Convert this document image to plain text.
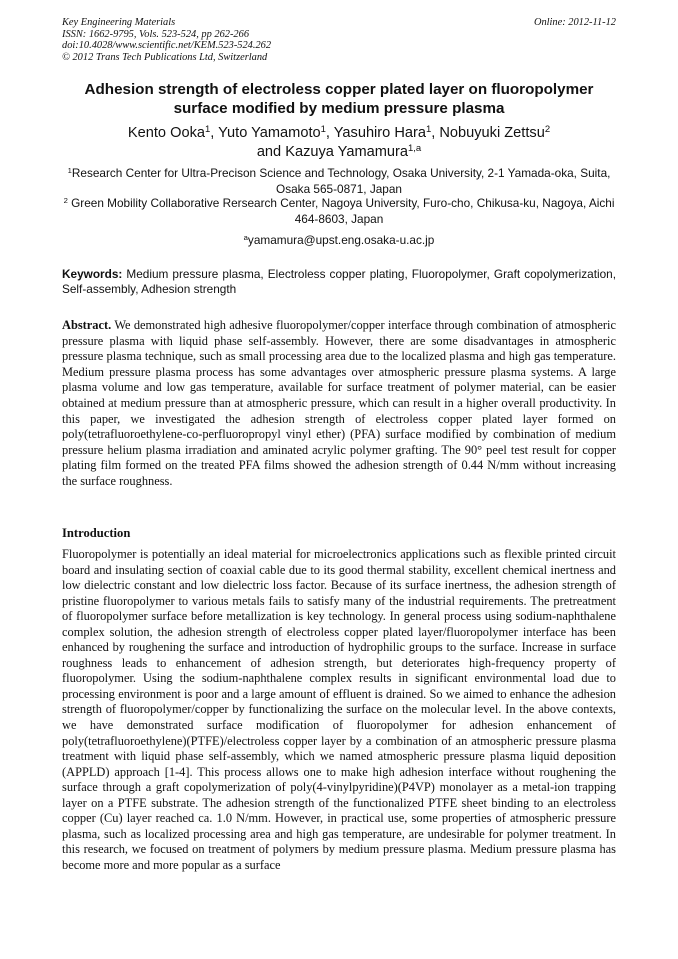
Key Engineering Materials
ISSN: 1662-9795, Vols. 523-524, pp 262-266
doi:10.4028/www.scientific.net/KEM.523-524.262
© 2012 Trans Tech Publications Ltd, Switzerland
Online: 2012-11-12
Adhesion strength of electroless copper plated layer on fluoropolymer surface modified by medium pressure plasma
Kento Ooka$^1$, Yuto Yamamoto$^1$, Yasuhiro Hara$^1$, Nobuyuki Zettsu$^2$
and Kazuya Yamamura$^{1,a}$
$^1$Research Center for Ultra-Precison Science and Technology, Osaka University, 2-1 Yamada-oka, Suita, Osaka 565-0871, Japan
$^2$ Green Mobility Collaborative Rersearch Center, Nagoya University, Furo-cho, Chikusa-ku, Nagoya, Aichi 464-8603, Japan
$^a$yamamura@upst.eng.osaka-u.ac.jp
Keywords: Medium pressure plasma, Electroless copper plating, Fluoropolymer, Graft copolymerization, Self-assembly, Adhesion strength
Abstract. We demonstrated high adhesive fluoropolymer/copper interface through combination of atmospheric pressure plasma with liquid phase self-assembly. However, there are some disadvantages in atmospheric pressure plasma technique, such as small processing area due to the localized plasma and high gas temperature. Medium pressure plasma process has some advantages over atmospheric pressure plasma systems. A large plasma volume and low gas temperature, available for surface treatment of polymer material, can be easier obtained at medium pressure than at atmospheric pressure, which can result in a higher overall productivity. In this paper, we investigated the adhesion strength of electroless copper plated layer formed on poly(tetrafluoroethylene-co-perfluoropropyl vinyl ether) (PFA) surface modified by combination of medium pressure helium plasma irradiation and aminated acrylic polymer grafting. The 90° peel test result for copper plating film formed on the treated PFA films showed the adhesion strength of 0.44 N/mm without increasing the surface roughness.
Introduction
Fluoropolymer is potentially an ideal material for microelectronics applications such as flexible printed circuit board and insulating section of coaxial cable due to its good thermal stability, excellent chemical inertness and low dielectric constant and low dielectric loss factor. Because of its surface inertness, the adhesion strength of pristine fluoropolymer to various metals fails to satisfy many of the industrial requirements. The pretreatment of fluoropolymer surface before metallization is key technology. In general process using sodium-naphthalene complex solution, the adhesion strength of electroless copper plated layer/fluoropolymer interface has been enhanced by roughening the surface and introduction of hydrophilic groups to the surface. Increase in surface roughness leads to enhancement of adhesion strength, but deteriorates high-frequency property of fluoropolymer. Using the sodium-naphthalene complex results in significant environmental load due to processing environment is poor and a large amount of effluent is drained. So we aimed to enhance the adhesion strength of fluoropolymer/copper by functionalizing the surface on the molecular level. In the above contexts, we have demonstrated surface modification of fluoropolymer for adhesion enhancement of poly(tetrafluoroethylene)(PTFE)/electroless copper layer by a combination of an atmospheric pressure plasma treatment with liquid phase self-assembly, which we named atmospheric pressure plasma liquid deposition (APPLD) approach [1-4]. This process allows one to make high adhesion interface without roughening the surface through a graft copolymerization of poly(4-vinylpyridine)(P4VP) monolayer as a metal-ion trapping layer on a PTFE substrate. The adhesion strength of the functionalized PTFE sheet binding to an electroless copper (Cu) layer reached ca. 1.0 N/mm. However, in practical use, some properties of atmospheric pressure plasma, such as localized processing area and high gas temperature, are undesirable for polymer treatment. In this research, we focused on treatment of polymers by medium pressure plasma. Medium pressure plasma has become more and more popular as a surface
